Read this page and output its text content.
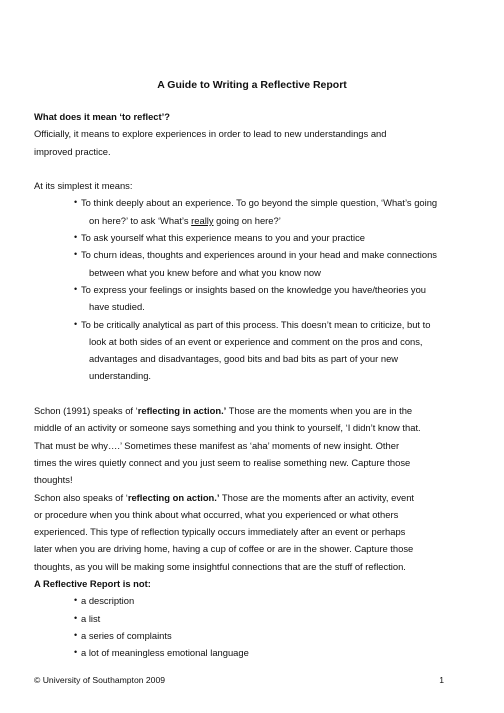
A Guide to Writing a Reflective Report

What does it mean ‘to reflect’?

Officially, it means to explore experiences in order to lead to new understandings and

improved practice.

At its simplest it means:

• To think deeply about an experience. To go beyond the simple question, ‘What’s going
on here?’ to ask ‘What’s really going on here?’
• To ask yourself what this experience means to you and your practice
• To churn ideas, thoughts and experiences around in your head and make connections
between what you knew before and what you know now
• To express your feelings or insights based on the knowledge you have/theories you
have studied.
• To be critically analytical as part of this process. This doesn’t mean to criticize, but to
look at both sides of an event or experience and comment on the pros and cons,
advantages and disadvantages, good bits and bad bits as part of your new
understanding.

Schon (1991) speaks of ‘reflecting in action.’ Those are the moments when you are in the

middle of an activity or someone says something and you think to yourself, ‘I didn’t know that.

That must be why….’ Sometimes these manifest as ‘aha’ moments of new insight. Other

times the wires quietly connect and you just seem to realise something new. Capture those

thoughts!

Schon also speaks of ‘reflecting on action.’ Those are the moments after an activity, event

or procedure when you think about what occurred, what you experienced or what others

experienced. This type of reflection typically occurs immediately after an event or perhaps

later when you are driving home, having a cup of coffee or are in the shower. Capture those

thoughts, as you will be making some insightful connections that are the stuff of reflection.

A Reflective Report is not:

• a description
• a list
• a series of complaints
• a lot of meaningless emotional language
© University of Southampton 2009	1
